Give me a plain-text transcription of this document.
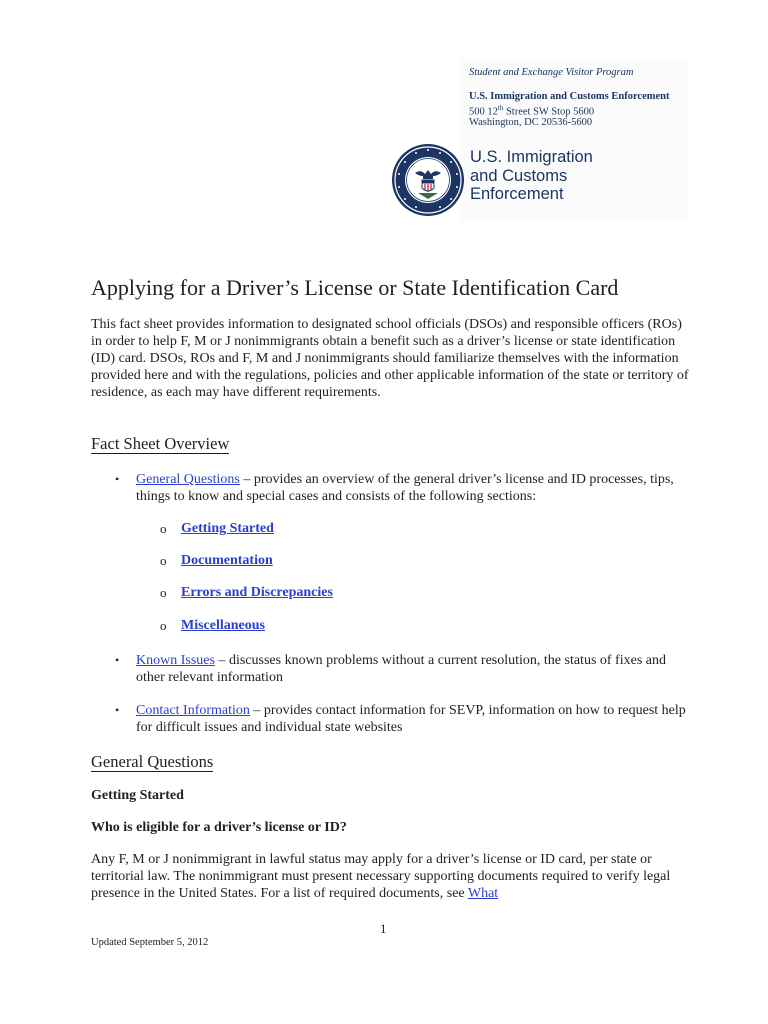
Student and Exchange Visitor Program
U.S. Immigration and Customs Enforcement
500 12th Street SW Stop 5600
Washington, DC 20536-5600
U.S. Immigration
and Customs
Enforcement
Applying for a Driver’s License or State Identification Card
This fact sheet provides information to designated school officials (DSOs) and responsible officers (ROs) in order to help F, M or J nonimmigrants obtain a benefit such as a driver’s license or state identification (ID) card. DSOs, ROs and F, M and J nonimmigrants should familiarize themselves with the information provided here and with the regulations, policies and other applicable information of the state or territory of residence, as each may have different requirements.
Fact Sheet Overview
• General Questions – provides an overview of the general driver’s license and ID processes, tips, things to know and special cases and consists of the following sections:
o Getting Started
o Documentation
o Errors and Discrepancies
o Miscellaneous
• Known Issues – discusses known problems without a current resolution, the status of fixes and other relevant information
• Contact Information – provides contact information for SEVP, information on how to request help for difficult issues and individual state websites
General Questions
Getting Started
Who is eligible for a driver’s license or ID?
Any F, M or J nonimmigrant in lawful status may apply for a driver’s license or ID card, per state or territorial law. The nonimmigrant must present necessary supporting documents required to verify legal presence in the United States. For a list of required documents, see What
1
Updated September 5, 2012
